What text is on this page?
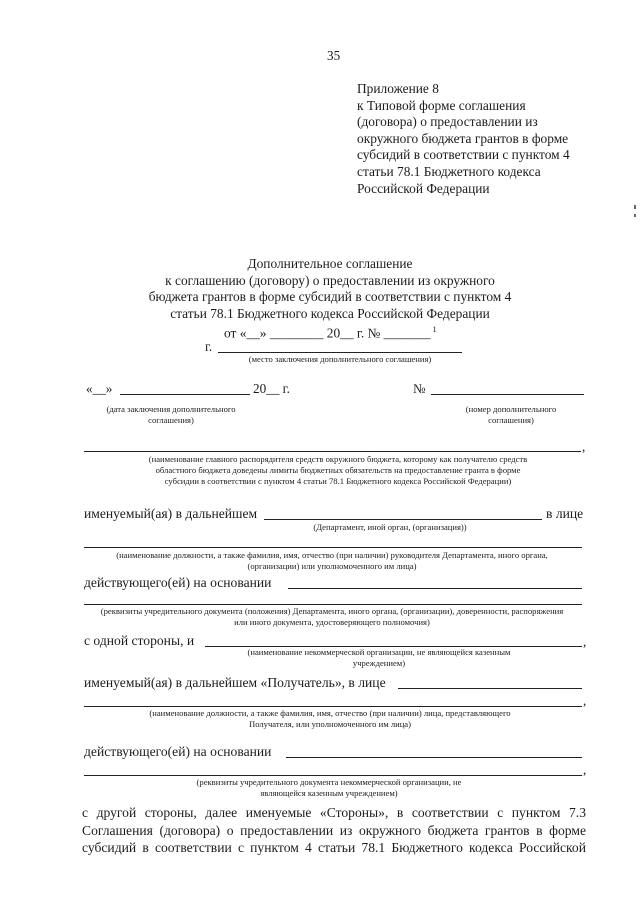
35
Приложение 8
к Типовой форме соглашения
(договора) о предоставлении из
окружного бюджета грантов в форме
субсидий в соответствии с пунктом 4
статьи 78.1 Бюджетного кодекса
Российской Федерации
Дополнительное соглашение
к соглашению (договору) о предоставлении из окружного
бюджета грантов в форме субсидий в соответствии с пунктом 4
статьи 78.1 Бюджетного кодекса Российской Федерации
от «__» ________ 20__ г. № _______ $^1$
г.
(место заключения дополнительного соглашения)
«__»	20__ г.
(дата заключения дополнительного соглашения)
№
(номер дополнительного соглашения)
,
(наименование главного распорядителя средств окружного бюджета, которому как получателю средств областного бюджета доведены лимиты бюджетных обязательств на предоставление гранта в форме субсидии в соответствии с пунктом 4 статьи 78.1 Бюджетного кодекса Российской Федерации)
именуемый(ая) в дальнейшем	в лице
(Департамент, иной орган, (организация))
(наименование должности, а также фамилия, имя, отчество (при наличии) руководителя Департамента, иного органа, (организации) или уполномоченного им лица)
действующего(ей) на основании
(реквизиты учредительного документа (положения) Департамента, иного органа, (организации), доверенности, распоряжения или иного документа, удостоверяющего полномочия)
с одной стороны, и	,
(наименование некоммерческой организации, не являющейся казенным учреждением)
именуемый(ая) в дальнейшем «Получатель», в лице
,
(наименование должности, а также фамилия, имя, отчество (при наличии) лица, представляющего Получателя, или уполномоченного им лица)
действующего(ей) на основании
,
(реквизиты учредительного документа некоммерческой организации, не являющейся казенным учреждением)
с другой стороны, далее именуемые «Стороны», в соответствии с пунктом 7.3
Соглашения (договора) о предоставлении из окружного бюджета грантов в форме
субсидий в соответствии с пунктом 4 статьи 78.1 Бюджетного кодекса Российской
